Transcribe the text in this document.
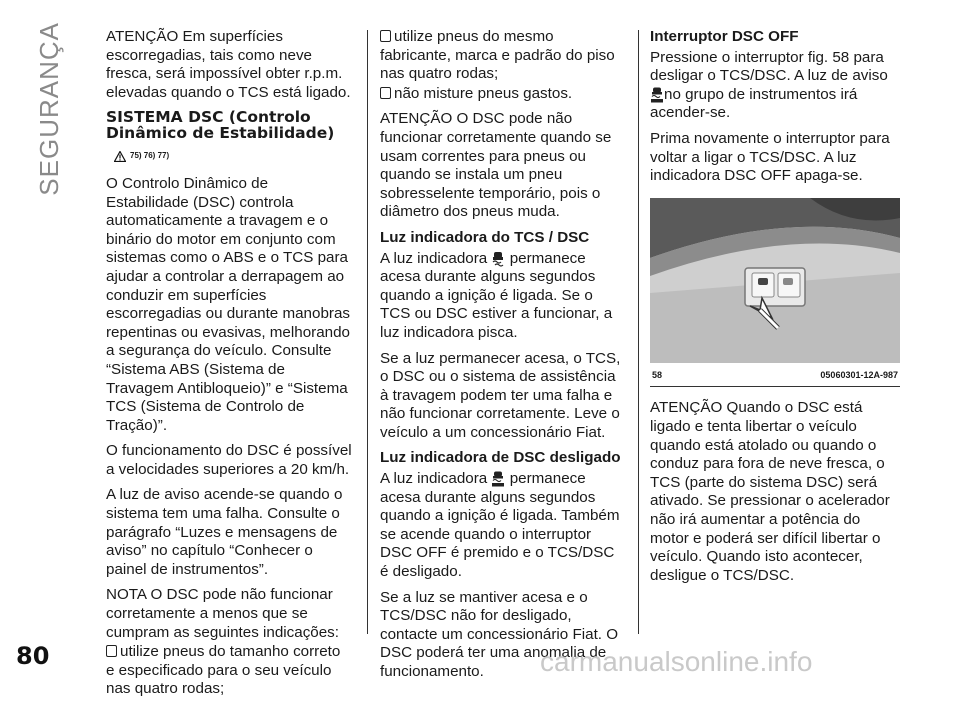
SEGURANÇA	ATENÇÃO Em superfícies escorregadias, tais como neve fresca, será impossível obter r.p.m. elevadas quando o TCS está ligado.

SISTEMA DSC (Controlo Dinâmico de Estabilidade)
75) 76) 77)

O Controlo Dinâmico de Estabilidade (DSC) controla automaticamente a travagem e o binário do motor em conjunto com sistemas como o ABS e o TCS para ajudar a controlar a derrapagem ao conduzir em superfícies escorregadias ou durante manobras repentinas ou evasivas, melhorando a segurança do veículo. Consulte “Sistema ABS (Sistema de Travagem Antibloqueio)” e “Sistema TCS (Sistema de Controlo de Tração)”.

O funcionamento do DSC é possível a velocidades superiores a 20 km/h.

A luz de aviso acende-se quando o sistema tem uma falha. Consulte o parágrafo “Luzes e mensagens de aviso” no capítulo “Conhecer o painel de instrumentos”.

NOTA O DSC pode não funcionar corretamente a menos que se cumpram as seguintes indicações:

utilize pneus do tamanho correto e especificado para o seu veículo nas quatro rodas;

utilize pneus do mesmo fabricante, marca e padrão do piso nas quatro rodas;

não misture pneus gastos.

ATENÇÃO O DSC pode não funcionar corretamente quando se usam correntes para pneus ou quando se instala um pneu sobresselente temporário, pois o diâmetro dos pneus muda.

Luz indicadora do TCS / DSC

A luz indicadora permanece acesa durante alguns segundos quando a ignição é ligada. Se o TCS ou DSC estiver a funcionar, a luz indicadora pisca.

Se a luz permanecer acesa, o TCS, o DSC ou o sistema de assistência à travagem podem ter uma falha e não funcionar corretamente. Leve o veículo a um concessionário Fiat.

Luz indicadora de DSC desligado

A luz indicadora permanece acesa durante alguns segundos quando a ignição é ligada. Também se acende quando o interruptor DSC OFF é premido e o TCS/DSC é desligado.

Se a luz se mantiver acesa e o TCS/DSC não for desligado, contacte um concessionário Fiat. O DSC poderá ter uma anomalia de funcionamento.

Interruptor DSC OFF

Pressione o interruptor fig. 58 para desligar o TCS/DSC. A luz de aviso
no grupo de instrumentos irá acender-se.

Prima novamente o interruptor para voltar a ligar o TCS/DSC. A luz indicadora DSC OFF apaga-se.

58	05060301-12A-987

ATENÇÃO Quando o DSC está ligado e tenta libertar o veículo quando está atolado ou quando o conduz para fora de neve fresca, o TCS (parte do sistema DSC) será ativado. Se pressionar o acelerador não irá aumentar a potência do motor e poderá ser difícil libertar o veículo. Quando isto acontecer, desligue o TCS/DSC.

80	carmanualsonline.info
